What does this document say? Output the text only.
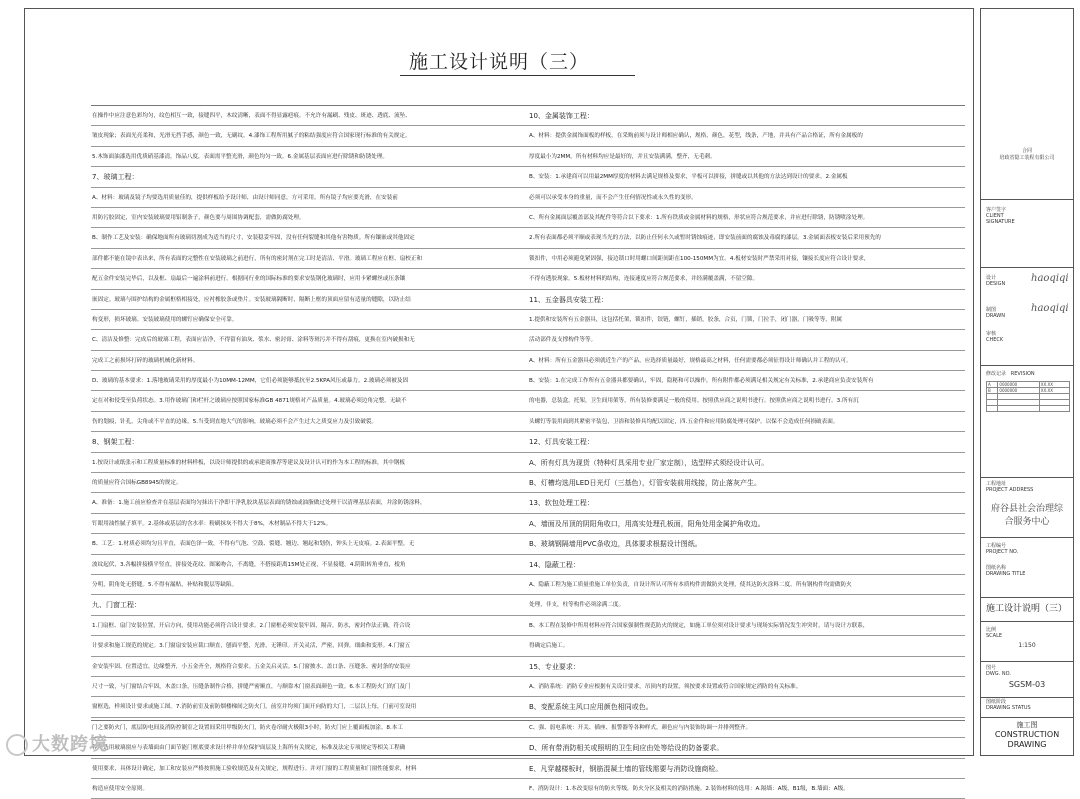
施工设计说明（三）
在操作中应注意色彩均匀，纹色相互一致，接缝四平，木纹清晰，表面不得显露疤痕。不允许有漏刷、残皮、斑迹、透底、流坠、
皱皮现象；表面光亮柔和，光滑无挡手感，颜色一致，无刷纹。4.漆饰工程所用腻子的粘结强度应符合国家现行标准的有关规定。
5.木饰面油漆选用优质硝基漆清，饰品八度，表面需平整光滑，颜色均匀一致。6.金属基层表面应进行除锈和防锈处理。
7、玻璃工程：
A、材料：玻璃及镜子均要选用质量佳的，提供样板给予设计师，由设计师同意，方可采用。所有镜子均应要光滑，在安装前
用防污胶固定，室内安装玻璃要用铝制条子，颜色要与周围协调配套，需做防腐处理。
B、制作工艺及安装：确保地面所有玻璃切割成为适当的尺寸，安装稳妥牢固，没有任何裂缝和其他有害物质。所有镶嵌或其他固定
部件都不能在镜中表出来，所有表面的完整性在安装玻璃之前进行，所有的密封剂在完工时是清洁、平滑。玻璃工程应在框、扇校正和
配五金件安装完毕后，以及框、扇最后一遍涂料前进行。根据同行业的国际标准的要求安装钢化玻璃时，应用卡紧螺丝或压条镶
嵌固定。玻璃与围护结构的金属框格相接处，应衬橡胶条或垫片。安装玻璃隔断时，隔断上框的顶面应留有适量的缝隙，以防止结
构变形，损坏玻璃。安装玻璃使用的螺钉应确保安全可靠。
C、清洁及修整：完成后的玻璃工程，表面应洁净，不得留有油灰、浆水、密封膏、涂料等斑污并不得有刮痕，更换在室内破损和无
完成工之前损坏打碎的玻璃机械化新材料。
D、玻璃的基本要求：1.落地玻璃采用的厚度最小为10MM-12MM，它们必须能够抵抗至2.5KPA风压或暴力。2.玻璃必须被及固
定在对和侵受至负荷状态。3.用作玻璃门和栏杆之玻璃应按照国家标准GB 4871规格对产品质量。4.玻璃必须边角完整，无缺不
伤的划痕，针孔，尖角或不平直的边缘。5.当受到直地大气的影响，玻璃必须不会产生过大之质变应力及引致破裂。
8、钢架工程：
1.按设计或纸张示和工程质量标准的材料样板，以设计师提供的或承建商推荐等建议及设计认可的作为本工程的标准，其中钢板
的质量应符合国标GB8945的规定。
A、准备：1.施工前应检查并在基层表面均匀抹出干净即干净乳胶块基层表面的锈蚀或油脂做过处理干以清理基层表面，并涂防锈涂料，
钉眼用油性腻子填平。2.基体或基层的含水率：粉刷抹灰不得大于8%，木材制品不得大于12%。
B、工艺：1.材质必须均匀且平直，表面色泽一致，不得有气泡、空鼓、裂缝、翘边、翘起和划伤，钟头上无皮痕。2.表面平整，无
波纹起伏，3.各幅拼接横平竖直，拼接处花纹、图案吻合，不离缝，不搭接距离15M处正视，不显接缝。4.阴阳转角垂直，棱角
分明，阴角处无搭缝。5.不得有漏贴，补贴和脱层等缺陷。
九、门窗工程：
1.门扇框、扇门安装位置，开启方向，使用功能必须符合设计要求。2.门窗框必须安装牢固，隔音，防水，密封作法正确，符合设
计要求和施工规范的规定。3.门窗扇安装应裁口顺直，刨面平整，光滑，无锤印。开关灵活，严密，回弹，细曲和变形。4.门窗五
金安装牢固、位置适宜，边缘整齐，小五金齐全，规格符合要求。五金关启灵活。5.门窗披水、盖口条、压缝条、密封条的安装应
尺寸一致，与门窗结合牢固，木盖口条，压缝条制作合格，拼缝严密顺直，与顺靠木门窗表面颜色一致。6.本工程防火门的门及门
窗框选，样须设计要求或施工图。7.消防前室及前防烟楼梯间之防火门，前室并均须门面开向防的大门，二层以上每，门前可室设用
门之要防火门，底层防电间及消防控制室之设置间采用甲级防火门，防火卷帘耐火极限3小时，防火门应上覆面板加涂。8.本工
程所选用玻璃窗应与表墙面由门面节能门框底要求设计样并单位保护面层及上海所有关规定，标准及法定专项规定等相关工程确
使用要求，具体设计确定，加工和安装应严格按照施工验收规范及有关规定，规程进行。并对门窗的工程质量和门窗性能要求，材料
构造应使用安全原则。
10、金属装饰工程：
A、材料：提供金属饰面板的样板，在采购前须与设计师相应确认，规格，颜色，花型，线条，产地，并具有产品合格证，所有金属板的
厚度最小为2MM，所有材料均应是最好的，并且安装满满，整齐，无毛刺。
B、安装：1.承建商可以用最2MM厚度的材料去满足规格及要求，平板可以拼接，拼缝或以其他的方法达到设计的要求。2.金属板
必须可以承受本身的重量，而不会产生任何情况性或永久性的变形。
C、所有金属面层覆盖部及其配件等符合以下要求：1.所有铁质或金属材料的规格，形状应符合规范要求，并应进行除锈，防锈喷涂处理。
2.所有表面都必须平顺或表现当光的方法，以防止任何永久或暂时锈蚀痕迹，即安装前面的腐蚀及毒腐的漆层。3.金属面表板安装后采用预先的
锁扣件，中用必须避免紧固强，接边锁口时用螺口间距间距在100-150MM为宜。4.板材安装时严禁采用对接，镶接长度应符合设计要求，
不得有透胶现象。5.板材材料的结构，连接速度应符合规范要求，并经满覆盖满，不留空隙。
11、五金器具安装工程：
1.提供和安装所有五金器具，这包括托架，锁扣件，铰链，螺钉，插销，胶条，合页，门锁，门拉手，闭门器，门吸等等，附属
活动部件及支撑构件等等。
A、材料：所有五金器具必须就近生产的产品，应选择质量最好，规格最高之材料，任何需要都必须征得设计师确认并工程的认可。
B、安装：1.在完成工作所有五金器具都要确认，牢固，隐秘和可以操作，所有附件都必须满足相关规定有关标准，2.承建商应负责安装所有
的电器，总装盒，托架，卫生间用架等，所有装修要满足一般的使用。按照供应商之说明书进行。按照供应商之说明书进行。3.所有沉
头螺钉等装用面到其紧密平装包，卫浴和装修具均配以固定，四.五金件和应用防腐处理可保护。以保不会造成任何损破表面。
12、灯具安装工程：
A、所有灯具为现货（特种灯具采用专业厂家定制），选型样式须经设计认可。
B、灯槽均选用LED日光灯（三基色），灯管安装前用线接，防止落灰产生。
13、软包处理工程：
A、墙面及吊顶的阴阳角收口，用高实处理孔板面，阳角处用金属护角收边。
B、玻璃钢隔墙用PVC条收边，具体要求根据设计图纸。
14、隐蔽工程：
A、隐蔽工程为施工质量重施工单位负责，自设计所认可所有本质构件需做防火处理，使其达防火涂料二度。所有钢构件均需做防火
处理，非支，柱等构件必须涂满二度。
B、本工程在装修中所用材料应符合国家强制性规范防火的规定，如施工单位须对设计要求与现场实际情况发生冲突时，请与设计方联系，
得确定后施工。
15、专业要求：
A、消防系统：消防专业应根据有关设计要求，吊顶内的设置，须按要求设置或符合国家规定消防的有关标准。
B、变配系统主风口应用颜色相同或色。
C、强、弱电系统：开关、插座、报警器等各种样式，颜色应与内装饰协调一并排列整齐。
D、所有带消防相关或照明的卫生间应由处等给设的防备要求。
E、凡穿越楼板时，钢筋混凝土墙的管线需要与消防设施商检。
F、消防设计：1.本改变原有的防火等级，防火分区及相关的消防措施。2.装饰材料的选用：A.隔墙：A级，B1级，B.墙面：A级。
合同
培政省隐工装程有限公司
客户签字
CLIENT
SIGNATURE
设计
DESIGN	haoqiqi
制图
DRAWN
haoqiqi
审核
CHECK
修改记录 REVISION
A	0000000	XX.XX
B	0000000	XX.XX

工程地址
PROJECT ADDRESS
府谷县社会治理综合服务中心
工程编号
PROJECT NO.
图纸名称
DRAWING TITLE
施工设计说明（三）
比例
SCALE
1:150
图号
DWG. NO.
SGSM-03
图纸阶段
DRAWING STATUS
施工图
CONSTRUCTION
DRAWING
大数跨境
